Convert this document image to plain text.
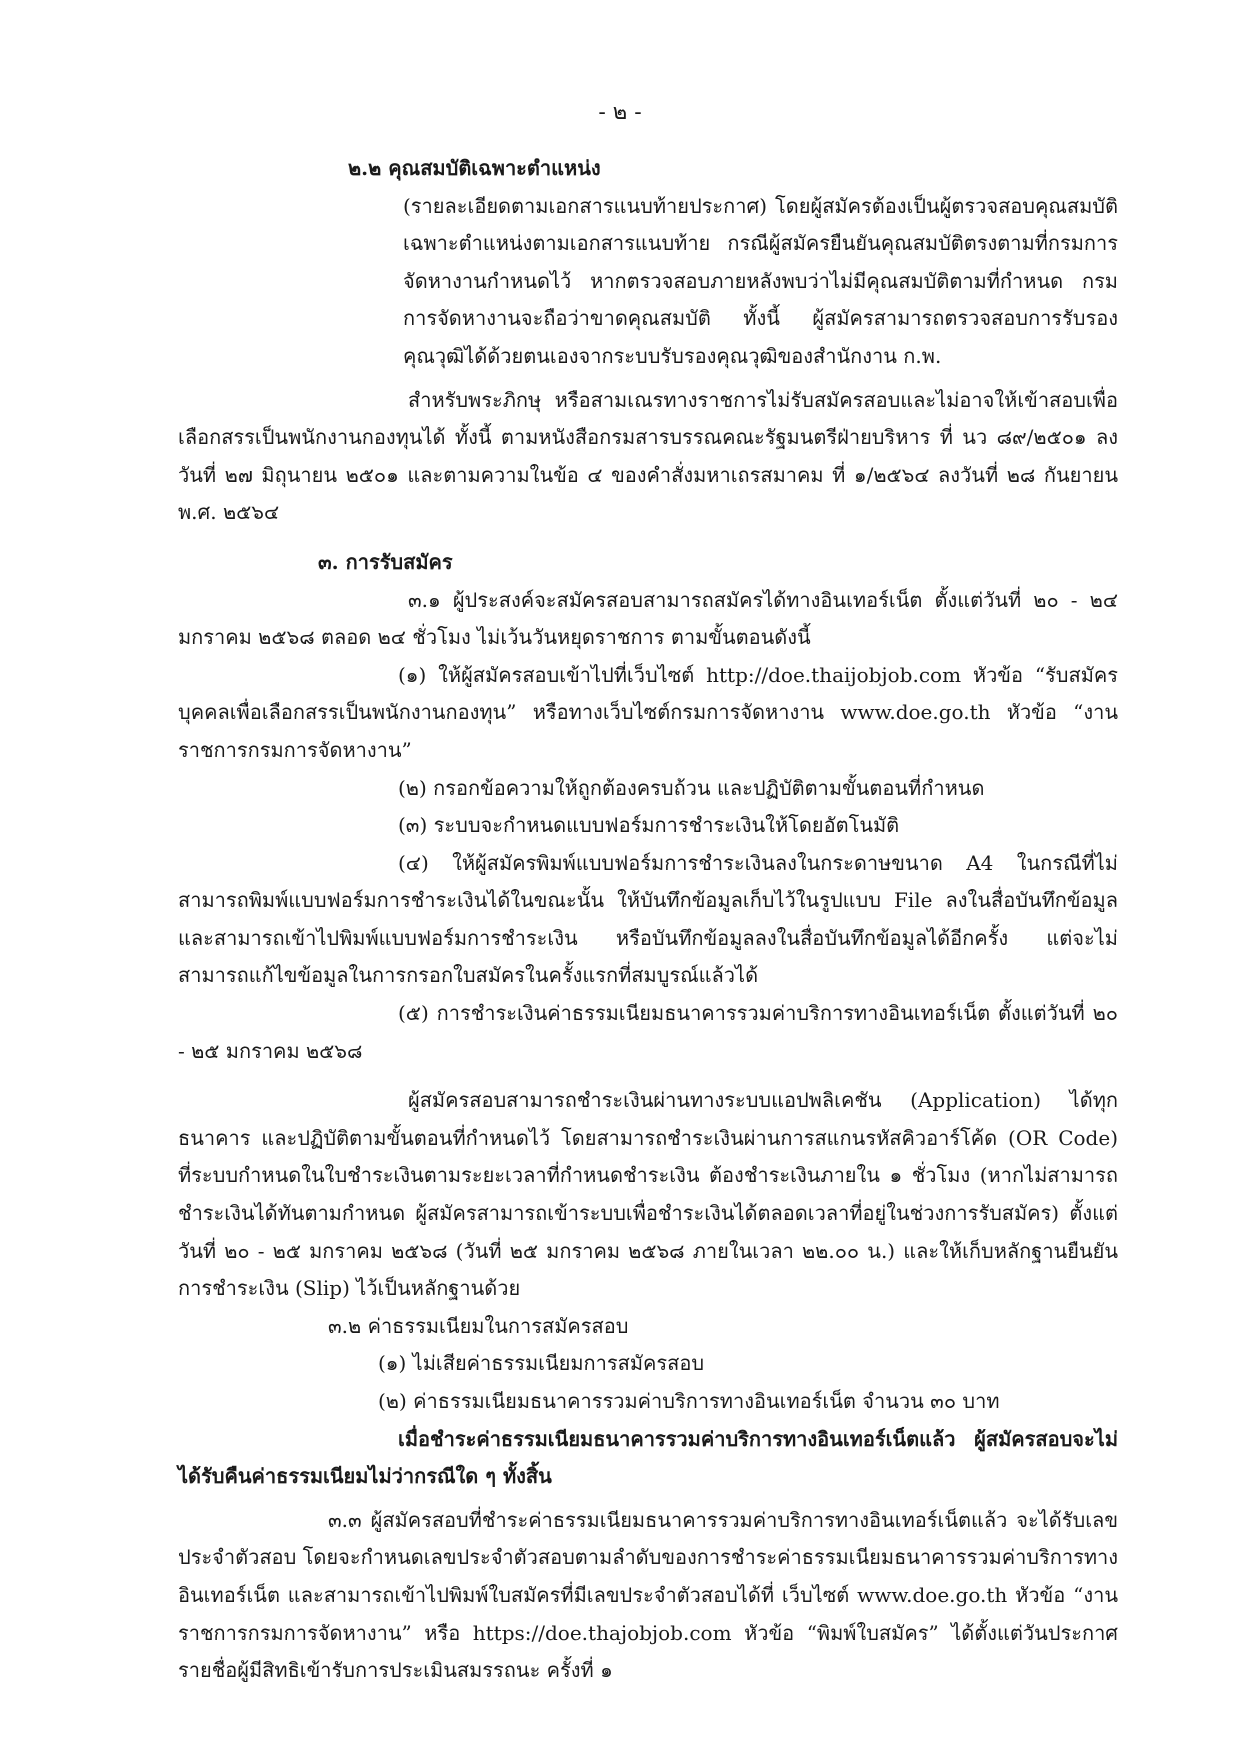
- ๒ -

๒.๒ คุณสมบัติเฉพาะตำแหน่ง

(รายละเอียดตามเอกสารแนบท้ายประกาศ) โดยผู้สมัครต้องเป็นผู้ตรวจสอบคุณสมบัติเฉพาะตำแหน่งตามเอกสารแนบท้าย กรณีผู้สมัครยืนยันคุณสมบัติตรงตามที่กรมการจัดหางานกำหนดไว้ หากตรวจสอบภายหลังพบว่าไม่มีคุณสมบัติตามที่กำหนด กรมการจัดหางานจะถือว่าขาดคุณสมบัติ ทั้งนี้ ผู้สมัครสามารถตรวจสอบการรับรองคุณวุฒิได้ด้วยตนเองจากระบบรับรองคุณวุฒิของสำนักงาน ก.พ.

สำหรับพระภิกษุ หรือสามเณรทางราชการไม่รับสมัครสอบและไม่อาจให้เข้าสอบเพื่อเลือกสรรเป็นพนักงานกองทุนได้ ทั้งนี้ ตามหนังสือกรมสารบรรณคณะรัฐมนตรีฝ่ายบริหาร ที่ นว ๘๙/๒๕๐๑ ลงวันที่ ๒๗ มิถุนายน ๒๕๐๑ และตามความในข้อ ๔ ของคำสั่งมหาเถรสมาคม ที่ ๑/๒๕๖๔ ลงวันที่ ๒๘ กันยายน พ.ศ. ๒๕๖๔

๓. การรับสมัคร

๓.๑ ผู้ประสงค์จะสมัครสอบสามารถสมัครได้ทางอินเทอร์เน็ต ตั้งแต่วันที่ ๒๐ - ๒๔ มกราคม ๒๕๖๘ ตลอด ๒๔ ชั่วโมง ไม่เว้นวันหยุดราชการ ตามขั้นตอนดังนี้

(๑) ให้ผู้สมัครสอบเข้าไปที่เว็บไซต์ http://doe.thaijobjob.com หัวข้อ “รับสมัครบุคคลเพื่อเลือกสรรเป็นพนักงานกองทุน” หรือทางเว็บไซต์กรมการจัดหางาน www.doe.go.th หัวข้อ “งานราชการกรมการจัดหางาน”

(๒) กรอกข้อความให้ถูกต้องครบถ้วน และปฏิบัติตามขั้นตอนที่กำหนด

(๓) ระบบจะกำหนดแบบฟอร์มการชำระเงินให้โดยอัตโนมัติ

(๔) ให้ผู้สมัครพิมพ์แบบฟอร์มการชำระเงินลงในกระดาษขนาด A4 ในกรณีที่ไม่สามารถพิมพ์แบบฟอร์มการชำระเงินได้ในขณะนั้น ให้บันทึกข้อมูลเก็บไว้ในรูปแบบ File ลงในสื่อบันทึกข้อมูล และสามารถเข้าไปพิมพ์แบบฟอร์มการชำระเงิน หรือบันทึกข้อมูลลงในสื่อบันทึกข้อมูลได้อีกครั้ง แต่จะไม่สามารถแก้ไขข้อมูลในการกรอกใบสมัครในครั้งแรกที่สมบูรณ์แล้วได้

(๕) การชำระเงินค่าธรรมเนียมธนาคารรวมค่าบริการทางอินเทอร์เน็ต ตั้งแต่วันที่ ๒๐ - ๒๕ มกราคม ๒๕๖๘

ผู้สมัครสอบสามารถชำระเงินผ่านทางระบบแอปพลิเคชัน (Application) ได้ทุกธนาคาร และปฏิบัติตามขั้นตอนที่กำหนดไว้ โดยสามารถชำระเงินผ่านการสแกนรหัสคิวอาร์โค้ด (OR Code) ที่ระบบกำหนดในใบชำระเงินตามระยะเวลาที่กำหนดชำระเงิน ต้องชำระเงินภายใน ๑ ชั่วโมง (หากไม่สามารถชำระเงินได้ทันตามกำหนด ผู้สมัครสามารถเข้าระบบเพื่อชำระเงินได้ตลอดเวลาที่อยู่ในช่วงการรับสมัคร) ตั้งแต่วันที่ ๒๐ - ๒๕ มกราคม ๒๕๖๘ (วันที่ ๒๕ มกราคม ๒๕๖๘ ภายในเวลา ๒๒.๐๐ น.) และให้เก็บหลักฐานยืนยันการชำระเงิน (Slip) ไว้เป็นหลักฐานด้วย

๓.๒ ค่าธรรมเนียมในการสมัครสอบ

(๑) ไม่เสียค่าธรรมเนียมการสมัครสอบ

(๒) ค่าธรรมเนียมธนาคารรวมค่าบริการทางอินเทอร์เน็ต จำนวน ๓๐ บาท

เมื่อชำระค่าธรรมเนียมธนาคารรวมค่าบริการทางอินเทอร์เน็ตแล้ว ผู้สมัครสอบจะไม่ได้รับคืนค่าธรรมเนียมไม่ว่ากรณีใด ๆ ทั้งสิ้น

๓.๓ ผู้สมัครสอบที่ชำระค่าธรรมเนียมธนาคารรวมค่าบริการทางอินเทอร์เน็ตแล้ว จะได้รับเลขประจำตัวสอบ โดยจะกำหนดเลขประจำตัวสอบตามลำดับของการชำระค่าธรรมเนียมธนาคารรวมค่าบริการทางอินเทอร์เน็ต และสามารถเข้าไปพิมพ์ใบสมัครที่มีเลขประจำตัวสอบได้ที่ เว็บไซต์ www.doe.go.th หัวข้อ “งานราชการกรมการจัดหางาน” หรือ https://doe.thajobjob.com หัวข้อ “พิมพ์ใบสมัคร” ได้ตั้งแต่วันประกาศรายชื่อผู้มีสิทธิเข้ารับการประเมินสมรรถนะ ครั้งที่ ๑
